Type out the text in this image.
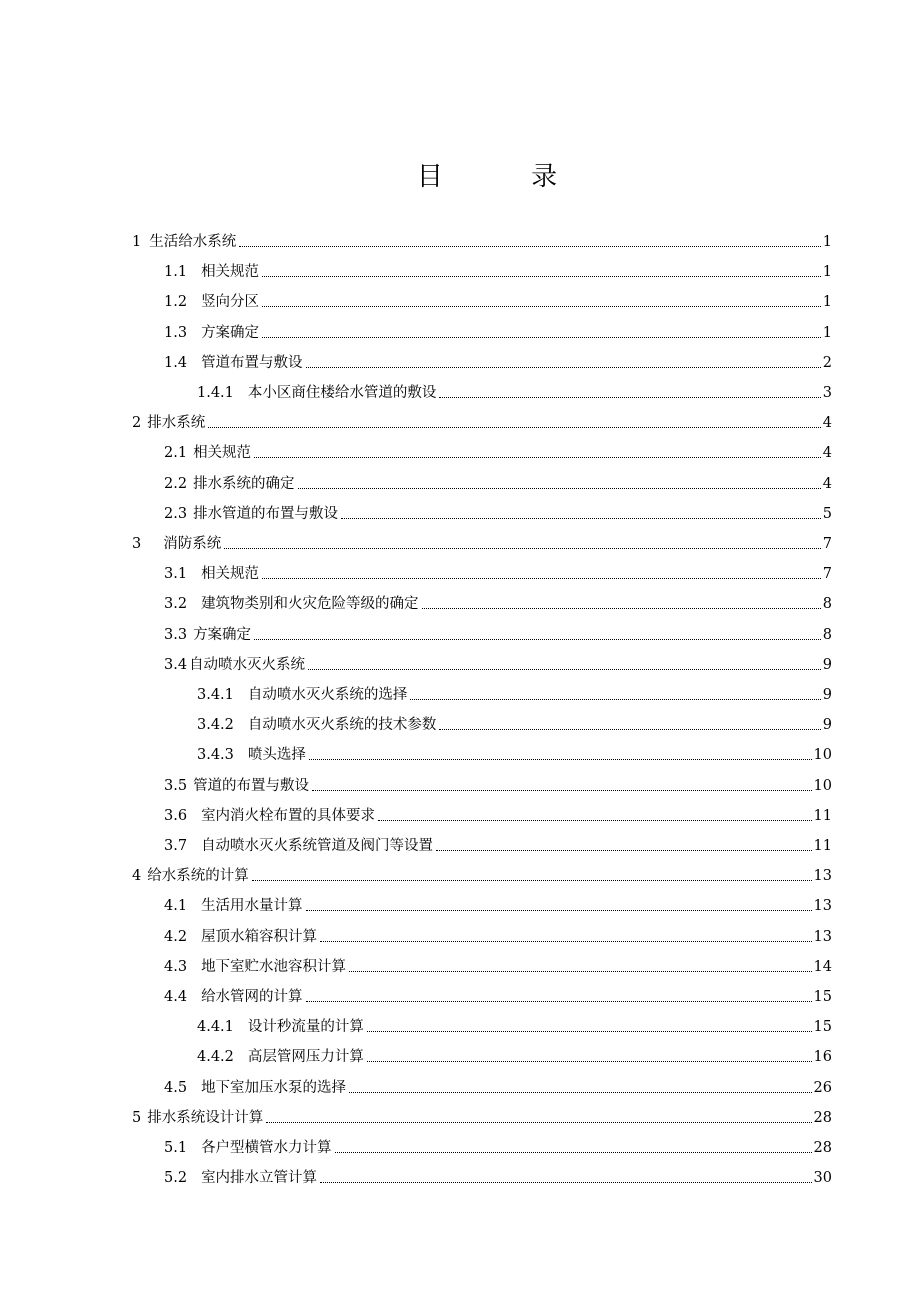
目 录
1 生活给水系统	1
1.1 相关规范	1
1.2 竖向分区	1
1.3 方案确定	1
1.4 管道布置与敷设	2
1.4.1 本小区商住楼给水管道的敷设	3
2 排水系统	4
2.1 相关规范	4
2.2 排水系统的确定	4
2.3 排水管道的布置与敷设	5
3 消防系统	7
3.1 相关规范	7
3.2 建筑物类别和火灾危险等级的确定	8
3.3 方案确定	8
3.4 自动喷水灭火系统	9
3.4.1 自动喷水灭火系统的选择	9
3.4.2 自动喷水灭火系统的技术参数	9
3.4.3 喷头选择	10
3.5 管道的布置与敷设	10
3.6 室内消火栓布置的具体要求	11
3.7 自动喷水灭火系统管道及阀门等设置	11
4 给水系统的计算	13
4.1 生活用水量计算	13
4.2 屋顶水箱容积计算	13
4.3 地下室贮水池容积计算	14
4.4 给水管网的计算	15
4.4.1 设计秒流量的计算	15
4.4.2 高层管网压力计算	16
4.5 地下室加压水泵的选择	26
5 排水系统设计计算	28
5.1 各户型横管水力计算	28
5.2 室内排水立管计算	30
